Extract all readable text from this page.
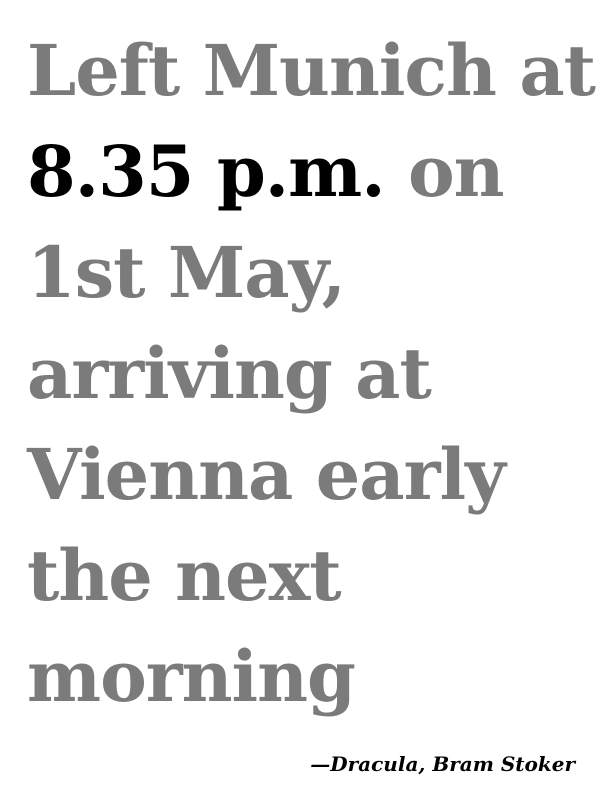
Left Munich at
8.35 p.m. on
1st May,
arriving at
Vienna early
the next
morning
—Dracula, Bram Stoker
